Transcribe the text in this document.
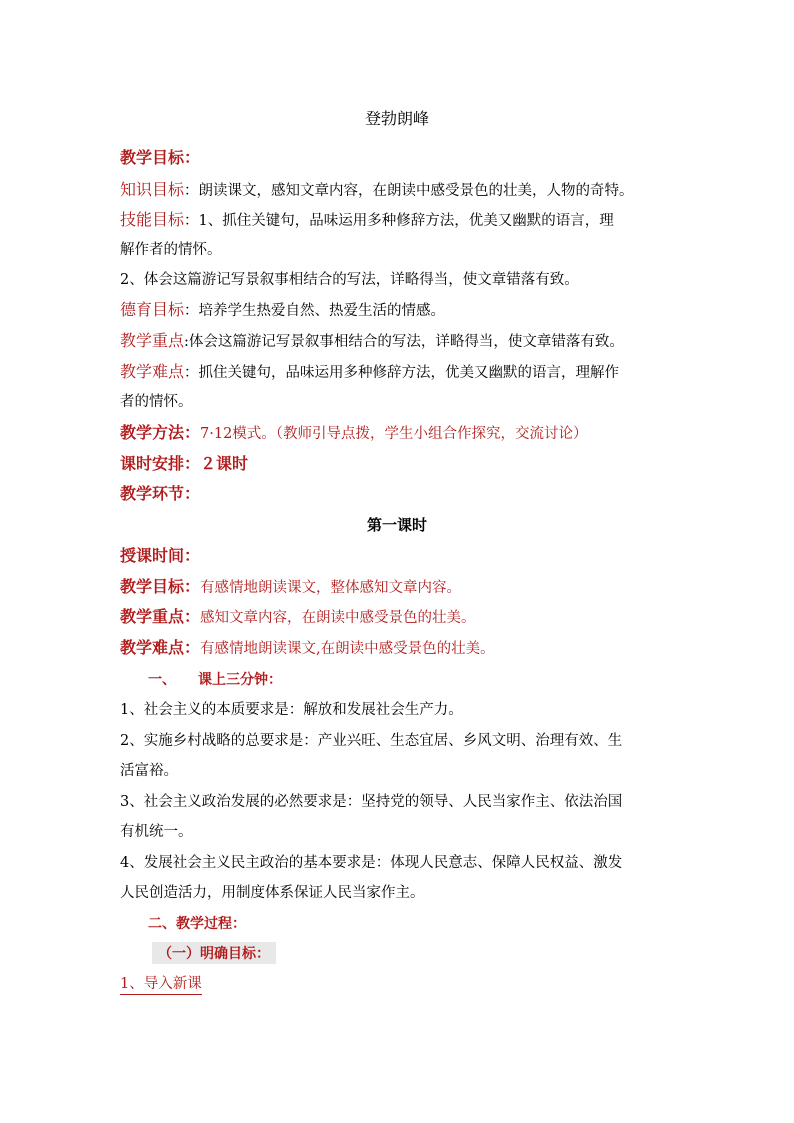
登勃朗峰
教学目标：
知识目标：朗读课文，感知文章内容，在朗读中感受景色的壮美，人物的奇特。
技能目标：1、抓住关键句，品味运用多种修辞方法，优美又幽默的语言，理
解作者的情怀。
2、体会这篇游记写景叙事相结合的写法，详略得当，使文章错落有致。
德育目标：培养学生热爱自然、热爱生活的情感。
教学重点:体会这篇游记写景叙事相结合的写法，详略得当，使文章错落有致。
教学难点：抓住关键句，品味运用多种修辞方法，优美又幽默的语言，理解作
者的情怀。
教学方法：7·12模式。（教师引导点拨，学生小组合作探究，交流讨论）
课时安排：２课时
教学环节：
第一课时
授课时间：
教学目标：有感情地朗读课文，整体感知文章内容。
教学重点：感知文章内容，在朗读中感受景色的壮美。
教学难点：有感情地朗读课文,在朗读中感受景色的壮美。
一、 课上三分钟：
1、社会主义的本质要求是：解放和发展社会生产力。
2、实施乡村战略的总要求是：产业兴旺、生态宜居、乡风文明、治理有效、生
活富裕。
3、社会主义政治发展的必然要求是：坚持党的领导、人民当家作主、依法治国
有机统一。
4、发展社会主义民主政治的基本要求是：体现人民意志、保障人民权益、激发
人民创造活力，用制度体系保证人民当家作主。
二、教学过程：
（一）明确目标：
1、导入新课
